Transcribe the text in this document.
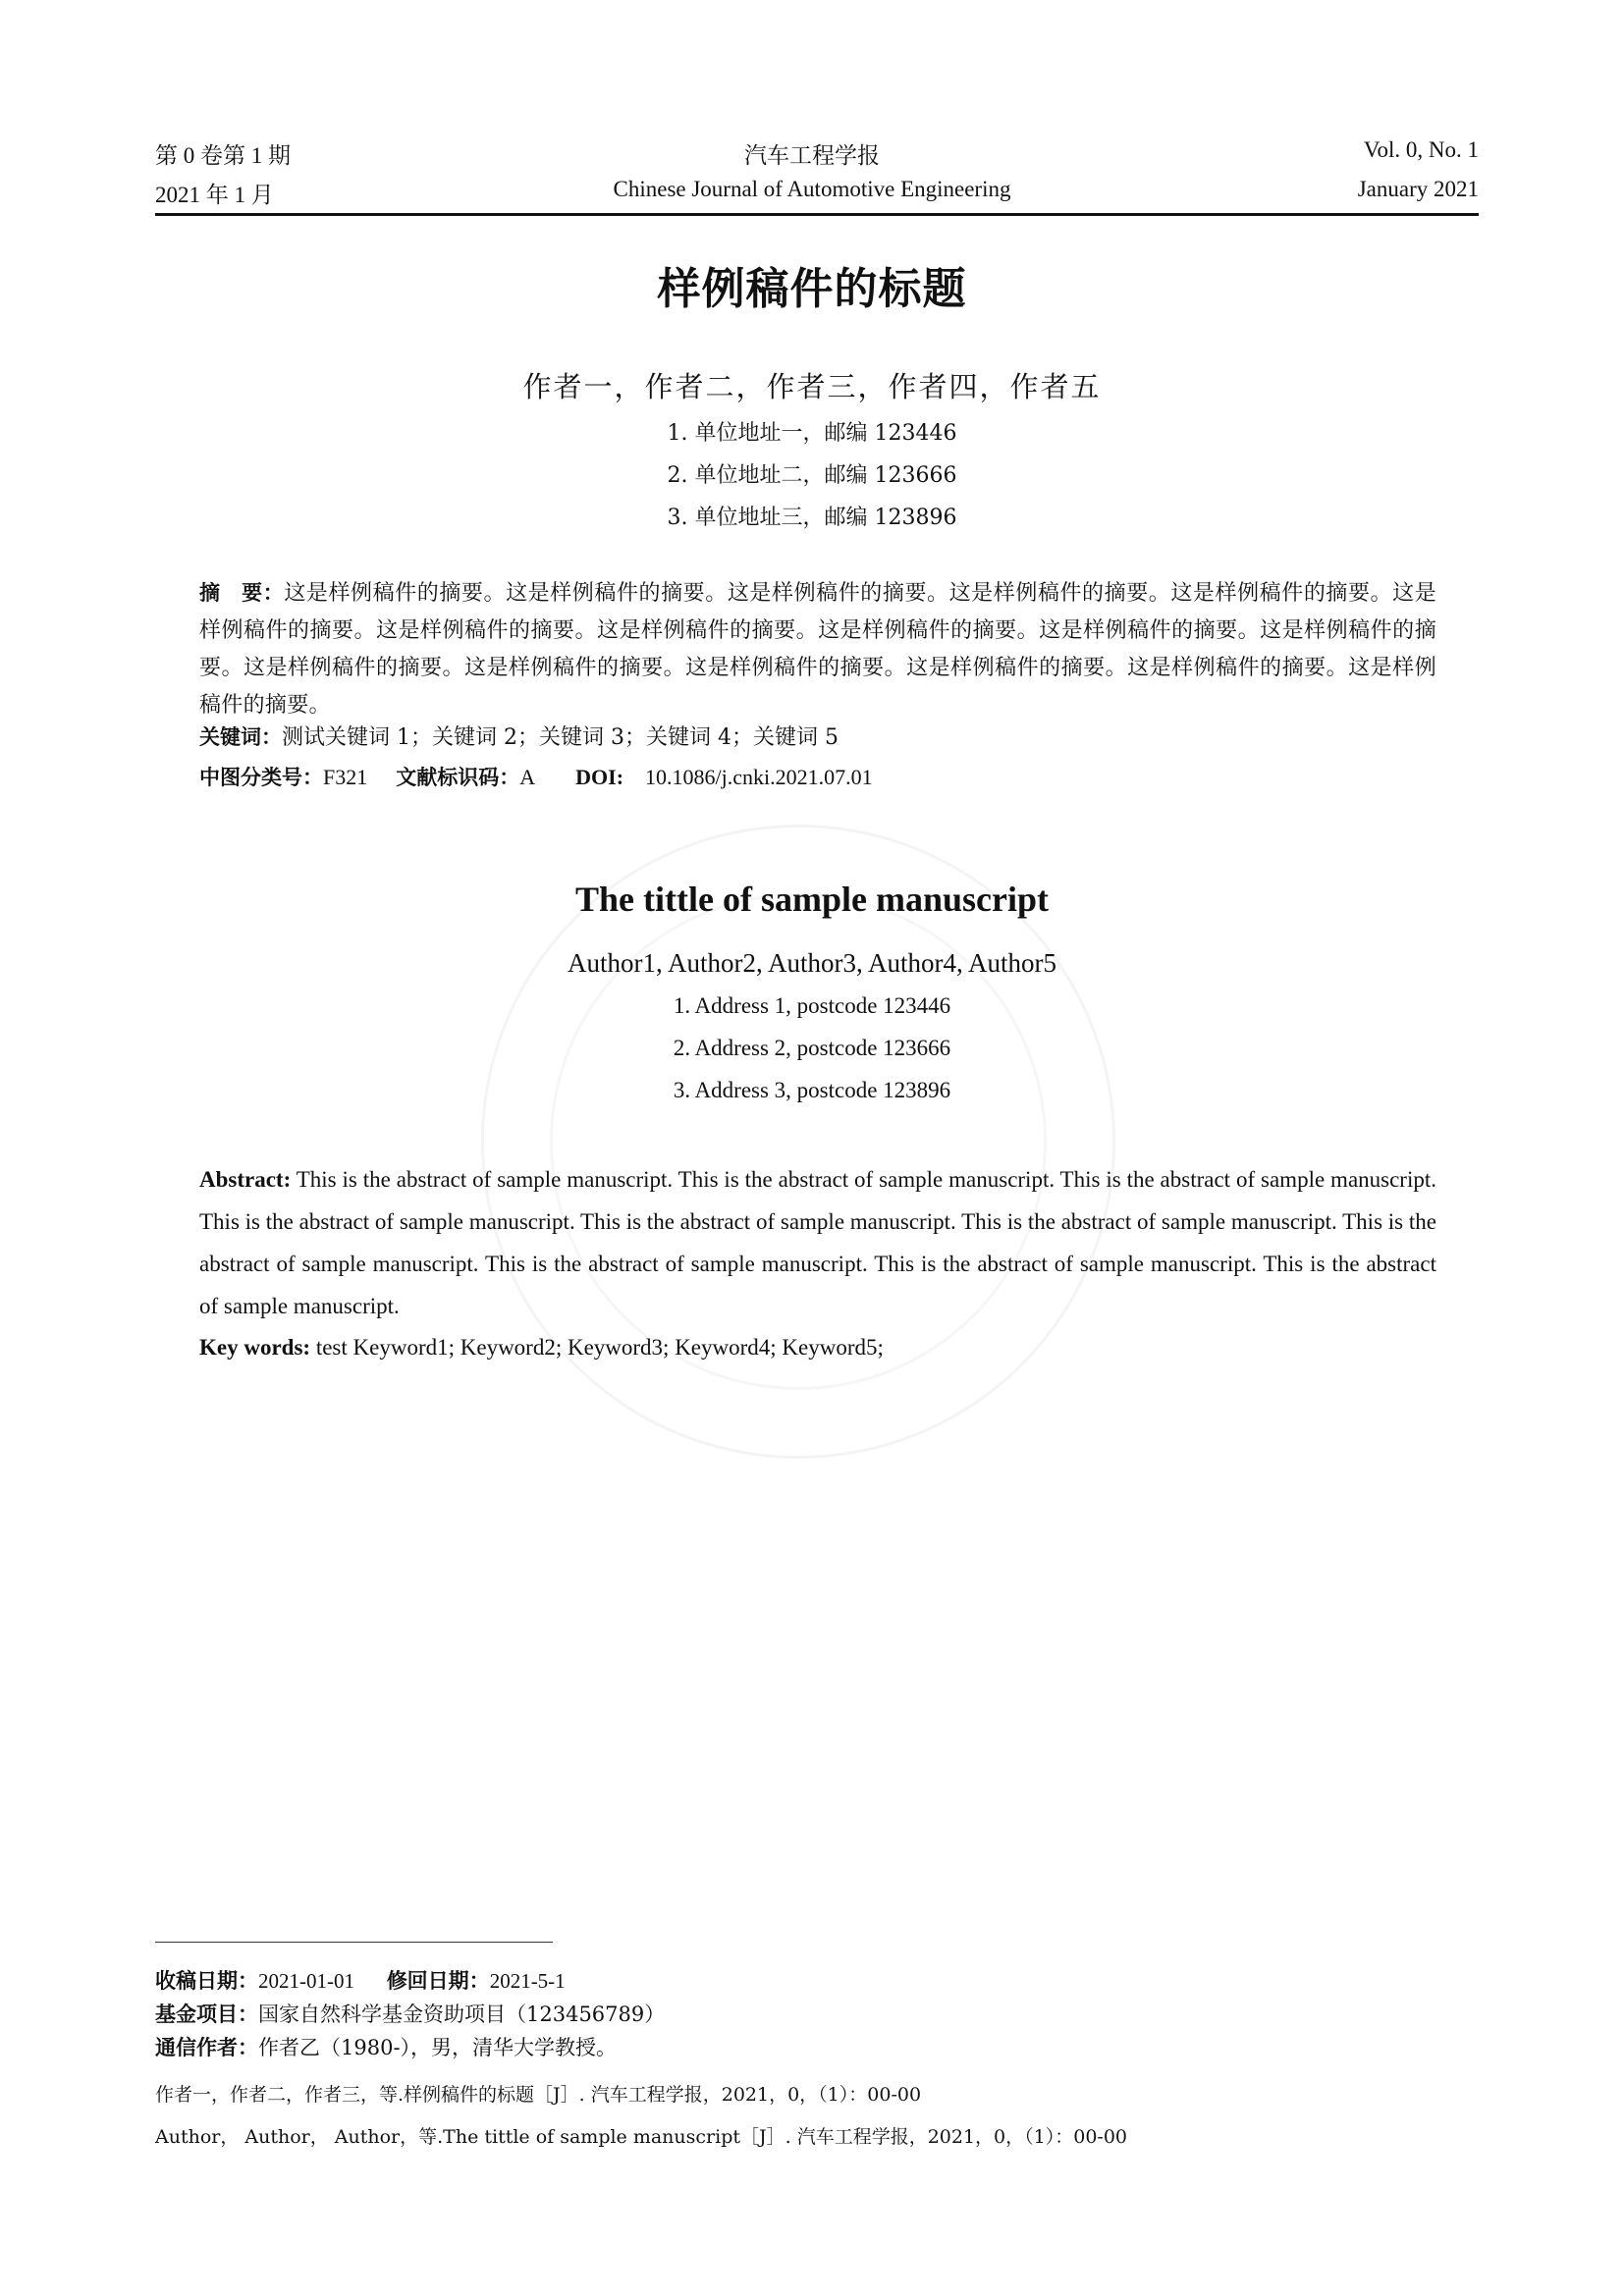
第 0 卷第 1 期
2021 年 1 月
汽车工程学报
Chinese Journal of Automotive Engineering
Vol. 0, No. 1
January 2021
样例稿件的标题
作者一，作者二，作者三，作者四，作者五
1. 单位地址一，邮编 123446
2. 单位地址二，邮编 123666
3. 单位地址三，邮编 123896
摘　要：这是样例稿件的摘要。这是样例稿件的摘要。这是样例稿件的摘要。这是样例稿件的摘要。这是样例稿件的摘要。这是样例稿件的摘要。这是样例稿件的摘要。这是样例稿件的摘要。这是样例稿件的摘要。这是样例稿件的摘要。这是样例稿件的摘要。这是样例稿件的摘要。这是样例稿件的摘要。这是样例稿件的摘要。这是样例稿件的摘要。这是样例稿件的摘要。这是样例稿件的摘要。
关键词：测试关键词 1；关键词 2；关键词 3；关键词 4；关键词 5
中图分类号：F321 文献标识码：A DOI: 10.1086/j.cnki.2021.07.01
The tittle of sample manuscript
Author1, Author2, Author3, Author4, Author5
1. Address 1, postcode 123446
2. Address 2, postcode 123666
3. Address 3, postcode 123896
Abstract: This is the abstract of sample manuscript. This is the abstract of sample manuscript. This is the abstract of sample manuscript. This is the abstract of sample manuscript. This is the abstract of sample manuscript. This is the abstract of sample manuscript. This is the abstract of sample manuscript. This is the abstract of sample manuscript. This is the abstract of sample manuscript. This is the abstract of sample manuscript.
Key words: test Keyword1; Keyword2; Keyword3; Keyword4; Keyword5;
收稿日期：2021-01-01 修回日期：2021-5-1
基金项目：国家自然科学基金资助项目（123456789）
通信作者：作者乙（1980-），男，清华大学教授。
作者一，作者二，作者三，等.样例稿件的标题［J］. 汽车工程学报，2021，0，（1）：00-00
Author， Author， Author，等.The tittle of sample manuscript［J］. 汽车工程学报，2021，0，（1）：00-00
